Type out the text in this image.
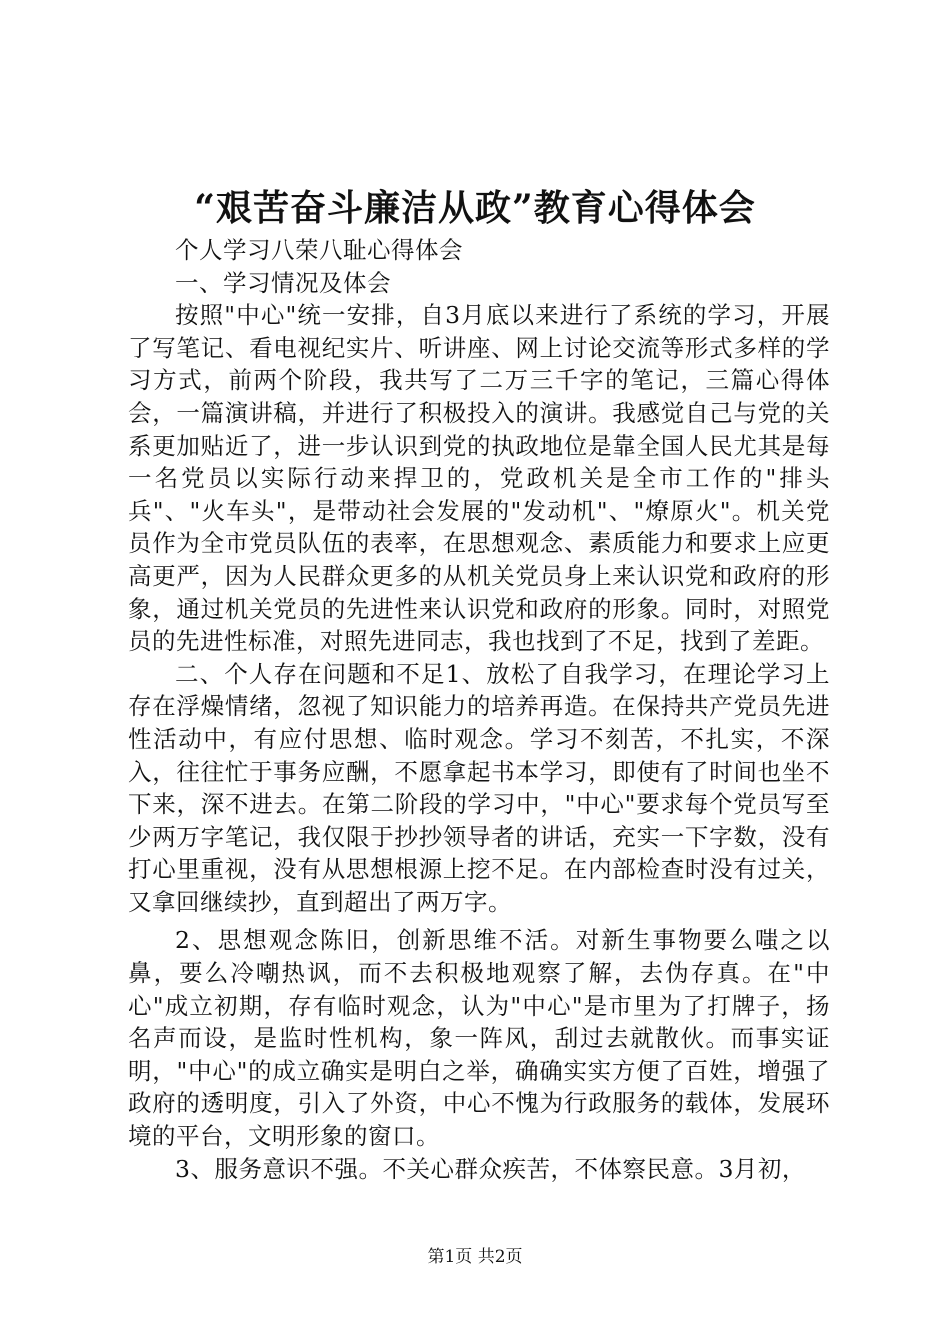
“艰苦奋斗廉洁从政”教育心得体会

个人学习八荣八耻心得体会

一、学习情况及体会

按照"中心"统一安排，自3月底以来进行了系统的学习，开展了写笔记、看电视纪实片、听讲座、网上讨论交流等形式多样的学习方式，前两个阶段，我共写了二万三千字的笔记，三篇心得体会，一篇演讲稿，并进行了积极投入的演讲。我感觉自己与党的关系更加贴近了，进一步认识到党的执政地位是靠全国人民尤其是每一名党员以实际行动来捍卫的，党政机关是全市工作的"排头兵"、"火车头"，是带动社会发展的"发动机"、"燎原火"。机关党员作为全市党员队伍的表率，在思想观念、素质能力和要求上应更高更严，因为人民群众更多的从机关党员身上来认识党和政府的形象，通过机关党员的先进性来认识党和政府的形象。同时，对照党员的先进性标准，对照先进同志，我也找到了不足，找到了差距。

二、个人存在问题和不足1、放松了自我学习，在理论学习上存在浮燥情绪，忽视了知识能力的培养再造。在保持共产党员先进性活动中，有应付思想、临时观念。学习不刻苦，不扎实，不深入，往往忙于事务应酬，不愿拿起书本学习，即使有了时间也坐不下来，深不进去。在第二阶段的学习中，"中心"要求每个党员写至少两万字笔记，我仅限于抄抄领导者的讲话，充实一下字数，没有打心里重视，没有从思想根源上挖不足。在内部检查时没有过关，又拿回继续抄，直到超出了两万字。

2、思想观念陈旧，创新思维不活。对新生事物要么嗤之以鼻，要么冷嘲热讽，而不去积极地观察了解，去伪存真。在"中心"成立初期，存有临时观念，认为"中心"是市里为了打牌子，扬名声而设，是监时性机构，象一阵风，刮过去就散伙。而事实证明，"中心"的成立确实是明白之举，确确实实方便了百姓，增强了政府的透明度，引入了外资，中心不愧为行政服务的载体，发展环境的平台，文明形象的窗口。

3、服务意识不强。不关心群众疾苦，不体察民意。3月初，

第1页 共2页
